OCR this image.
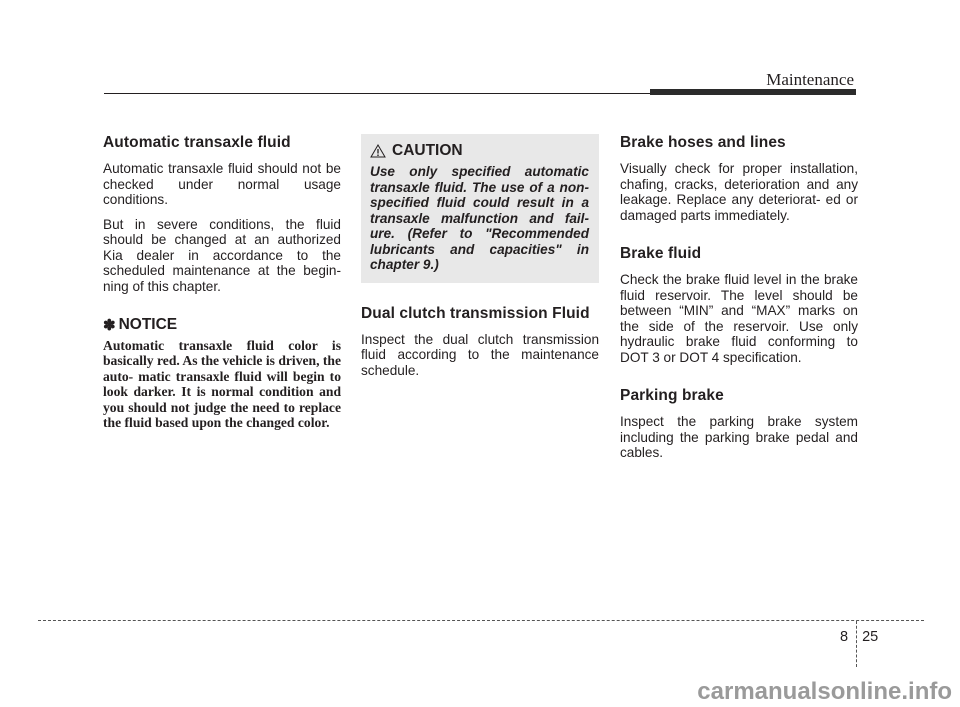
Maintenance
Automatic transaxle fluid

Automatic transaxle fluid should not be checked under normal usage conditions.

But in severe conditions, the fluid should be changed at an authorized Kia dealer in accordance to the scheduled maintenance at the begin- ning of this chapter.

✽ NOTICE

Automatic transaxle fluid color is basically red. As the vehicle is driven, the auto- matic transaxle fluid will begin to look darker. It is normal condition and you should not judge the need to replace the fluid based upon the changed color.

CAUTION

Use only specified automatic transaxle fluid. The use of a non- specified fluid could result in a transaxle malfunction and fail- ure. (Refer to "Recommended lubricants and capacities" in chapter 9.)

Dual clutch transmission Fluid

Inspect the dual clutch transmission fluid according to the maintenance schedule.

Brake hoses and lines

Visually check for proper installation, chafing, cracks, deterioration and any leakage. Replace any deteriorat- ed or damaged parts immediately.

Brake fluid

Check the brake fluid level in the brake fluid reservoir. The level should be between “MIN” and “MAX” marks on the side of the reservoir. Use only hydraulic brake fluid conforming to DOT 3 or DOT 4 specification.

Parking brake

Inspect the parking brake system including the parking brake pedal and cables.

8 25
carmanualsonline.info
